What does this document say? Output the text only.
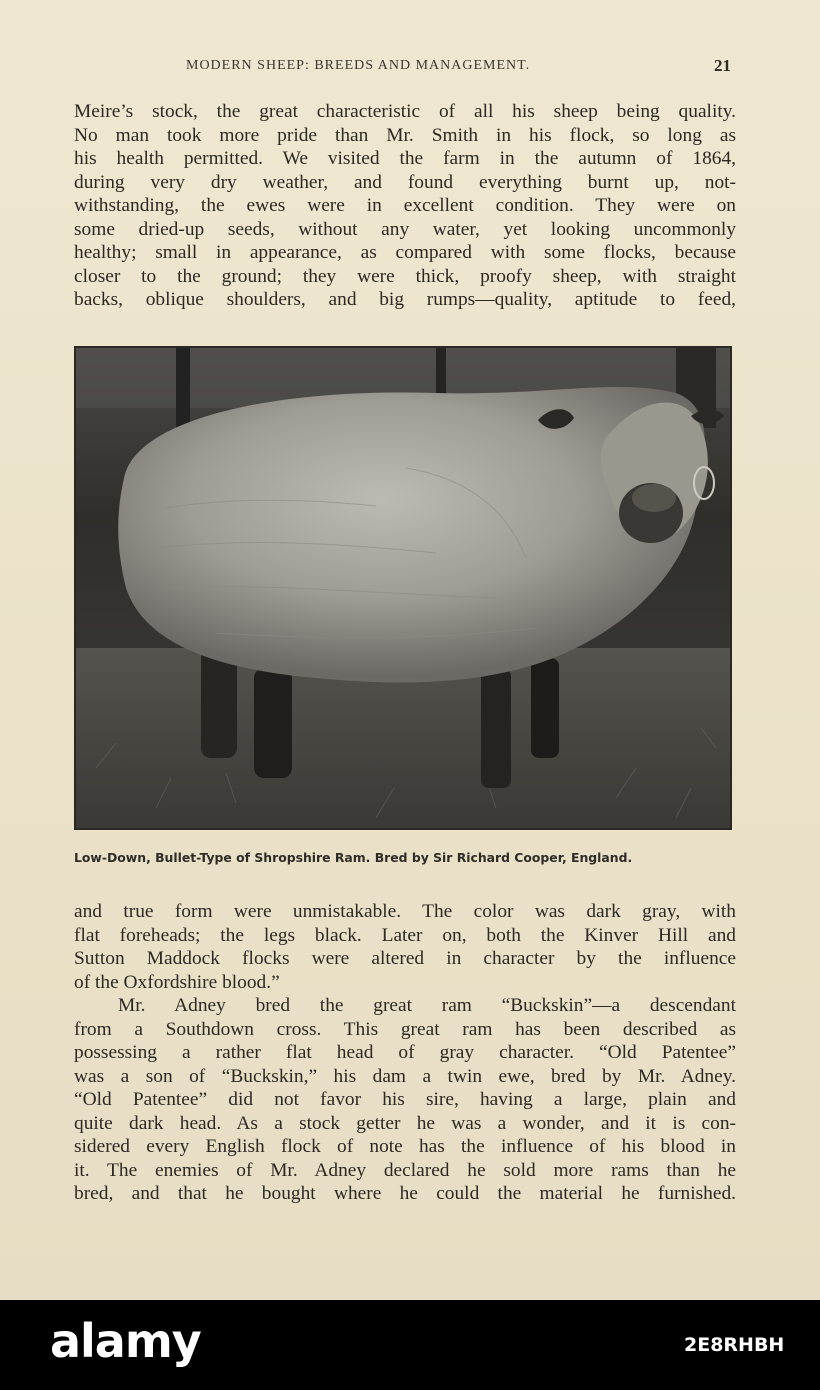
MODERN SHEEP: BREEDS AND MANAGEMENT.	21
Meire’s stock, the great characteristic of all his sheep being quality.
No man took more pride than Mr. Smith in his flock, so long as
his health permitted. We visited the farm in the autumn of 1864,
during very dry weather, and found everything burnt up, not-
withstanding, the ewes were in excellent condition. They were on
some dried-up seeds, without any water, yet looking uncommonly
healthy; small in appearance, as compared with some flocks, because
closer to the ground; they were thick, proofy sheep, with straight
backs, oblique shoulders, and big rumps—quality, aptitude to feed,
Low-Down, Bullet-Type of Shropshire Ram. Bred by Sir Richard Cooper, England.
and true form were unmistakable. The color was dark gray, with
flat foreheads; the legs black. Later on, both the Kinver Hill and
Sutton Maddock flocks were altered in character by the influence
of the Oxfordshire blood.”
Mr. Adney bred the great ram “Buckskin”—a descendant
from a Southdown cross. This great ram has been described as
possessing a rather flat head of gray character. “Old Patentee”
was a son of “Buckskin,” his dam a twin ewe, bred by Mr. Adney.
“Old Patentee” did not favor his sire, having a large, plain and
quite dark head. As a stock getter he was a wonder, and it is con-
sidered every English flock of note has the influence of his blood in
it. The enemies of Mr. Adney declared he sold more rams than he
bred, and that he bought where he could the material he furnished.
alamy	2E8RHBH
